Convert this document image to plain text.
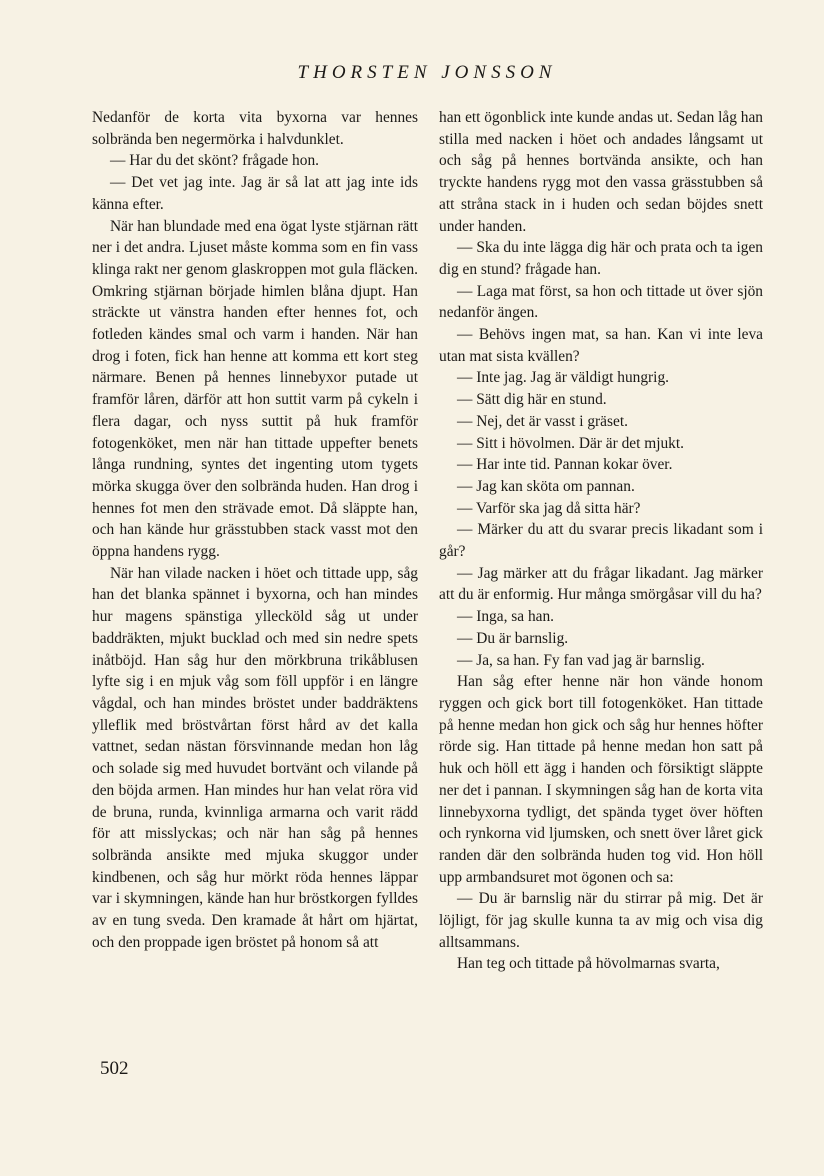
THORSTEN JONSSON

Nedanför de korta vita byxorna var hennes solbrända ben negermörka i halvdunklet.

— Har du det skönt? frågade hon.

— Det vet jag inte. Jag är så lat att jag inte ids känna efter.

När han blundade med ena ögat lyste stjärnan rätt ner i det andra. Ljuset måste komma som en fin vass klinga rakt ner genom glaskroppen mot gula fläcken. Omkring stjärnan började himlen blåna djupt. Han sträckte ut vänstra handen efter hennes fot, och fotleden kändes smal och varm i handen. När han drog i foten, fick han henne att komma ett kort steg närmare. Benen på hennes linnebyxor putade ut framför låren, därför att hon suttit varm på cykeln i flera dagar, och nyss suttit på huk framför fotogenköket, men när han tittade uppefter benets långa rundning, syntes det ingenting utom tygets mörka skugga över den solbrända huden. Han drog i hennes fot men den strävade emot. Då släppte han, och han kände hur grässtubben stack vasst mot den öppna handens rygg.

När han vilade nacken i höet och tittade upp, såg han det blanka spännet i byxorna, och han mindes hur magens spänstiga ylleсköld såg ut under baddräkten, mjukt bucklad och med sin nedre spets inåtböjd. Han såg hur den mörkbruna trikåblusen lyfte sig i en mjuk våg som föll uppför i en längre vågdal, och han mindes bröstet under baddräktens ylleflik med bröstvårtan först hård av det kalla vattnet, sedan nästan försvinnande medan hon låg och solade sig med huvudet bortvänt och vilande på den böjda armen. Han mindes hur han velat röra vid de bruna, runda, kvinnliga armarna och varit rädd för att misslyckas; och när han såg på hennes solbrända ansikte med mjuka skuggor under kindbenen, och såg hur mörkt röda hennes läppar var i skymningen, kände han hur bröstkorgen fylldes av en tung sveda. Den kramade åt hårt om hjärtat, och den proppade igen bröstet på honom så att

han ett ögonblick inte kunde andas ut. Sedan låg han stilla med nacken i höet och andades långsamt ut och såg på hennes bortvända ansikte, och han tryckte handens rygg mot den vassa grässtubben så att stråna stack in i huden och sedan böjdes snett under handen.

— Ska du inte lägga dig här och prata och ta igen dig en stund? frågade han.

— Laga mat först, sa hon och tittade ut över sjön nedanför ängen.

— Behövs ingen mat, sa han. Kan vi inte leva utan mat sista kvällen?

— Inte jag. Jag är väldigt hungrig.

— Sätt dig här en stund.

— Nej, det är vasst i gräset.

— Sitt i hövolmen. Där är det mjukt.

— Har inte tid. Pannan kokar över.

— Jag kan sköta om pannan.

— Varför ska jag då sitta här?

— Märker du att du svarar precis likadant som i går?

— Jag märker att du frågar likadant. Jag märker att du är enformig. Hur många smörgåsar vill du ha?

— Inga, sa han.

— Du är barnslig.

— Ja, sa han. Fy fan vad jag är barnslig.

Han såg efter henne när hon vände honom ryggen och gick bort till fotogenköket. Han tittade på henne medan hon gick och såg hur hennes höfter rörde sig. Han tittade på henne medan hon satt på huk och höll ett ägg i handen och försiktigt släppte ner det i pannan. I skymningen såg han de korta vita linnebyxorna tydligt, det spända tyget över höften och rynkorna vid ljumsken, och snett över låret gick randen där den solbrända huden tog vid. Hon höll upp armbandsuret mot ögonen och sa:

— Du är barnslig när du stirrar på mig. Det är löjligt, för jag skulle kunna ta av mig och visa dig alltsammans.

Han teg och tittade på hövolmarnas svarta,

502
